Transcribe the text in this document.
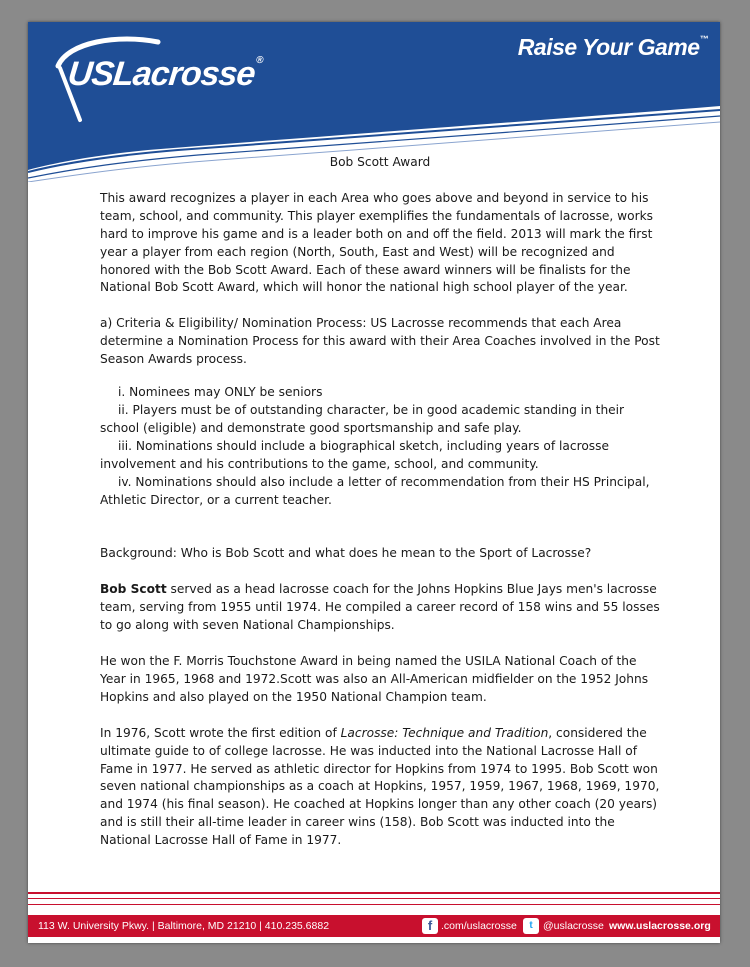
USLacrosse®
Raise Your Game™

Bob Scott Award

This award recognizes a player in each Area who goes above and beyond in service to his team, school, and community. This player exemplifies the fundamentals of lacrosse, works hard to improve his game and is a leader both on and off the field. 2013 will mark the first year a player from each region (North, South, East and West) will be recognized and honored with the Bob Scott Award. Each of these award winners will be finalists for the National Bob Scott Award, which will honor the national high school player of the year.

a) Criteria & Eligibility/ Nomination Process: US Lacrosse recommends that each Area determine a Nomination Process for this award with their Area Coaches involved in the Post Season Awards process.

i. Nominees may ONLY be seniors

ii. Players must be of outstanding character, be in good academic standing in their school (eligible) and demonstrate good sportsmanship and safe play.

iii. Nominations should include a biographical sketch, including years of lacrosse involvement and his contributions to the game, school, and community.

iv. Nominations should also include a letter of recommendation from their HS Principal, Athletic Director, or a current teacher.

Background: Who is Bob Scott and what does he mean to the Sport of Lacrosse?

Bob Scott served as a head lacrosse coach for the Johns Hopkins Blue Jays men's lacrosse team, serving from 1955 until 1974. He compiled a career record of 158 wins and 55 losses to go along with seven National Championships.

He won the F. Morris Touchstone Award in being named the USILA National Coach of the Year in 1965, 1968 and 1972.Scott was also an All-American midfielder on the 1952 Johns Hopkins and also played on the 1950 National Champion team.

In 1976, Scott wrote the first edition of Lacrosse: Technique and Tradition, considered the ultimate guide to of college lacrosse. He was inducted into the National Lacrosse Hall of Fame in 1977. He served as athletic director for Hopkins from 1974 to 1995. Bob Scott won seven national championships as a coach at Hopkins, 1957, 1959, 1967, 1968, 1969, 1970, and 1974 (his final season). He coached at Hopkins longer than any other coach (20 years) and is still their all-time leader in career wins (158). Bob Scott was inducted into the National Lacrosse Hall of Fame in 1977.

113 W. University Pkwy. | Baltimore, MD 21210 | 410.235.6882	f .com/uslacrosse	t @uslacrosse www.uslacrosse.org
